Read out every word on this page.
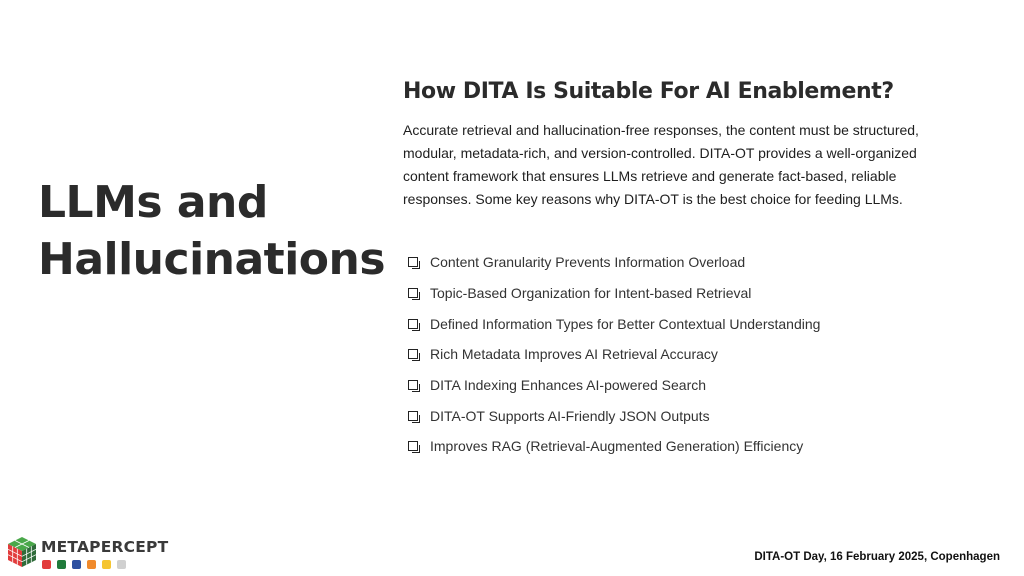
LLMs and
Hallucinations
How DITA Is Suitable For AI Enablement?
Accurate retrieval and hallucination-free responses, the content must be structured,
modular, metadata-rich, and version-controlled. DITA-OT provides a well-organized
content framework that ensures LLMs retrieve and generate fact-based, reliable
responses. Some key reasons why DITA-OT is the best choice for feeding LLMs.
Content Granularity Prevents Information Overload
Topic-Based Organization for Intent-based Retrieval
Defined Information Types for Better Contextual Understanding
Rich Metadata Improves AI Retrieval Accuracy
DITA Indexing Enhances AI-powered Search
DITA-OT Supports AI-Friendly JSON Outputs
Improves RAG (Retrieval-Augmented Generation) Efficiency
METAPERCEPT
DITA-OT Day, 16 February 2025, Copenhagen
